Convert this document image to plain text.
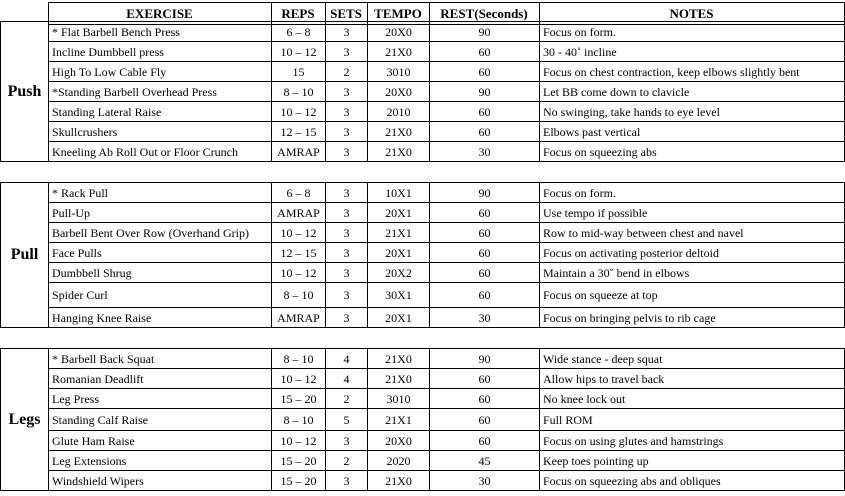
	EXERCISE	REPS	SETS	TEMPO	REST(Seconds)	NOTES
Push	* Flat Barbell Bench Press	6 – 8	3	20X0	90	Focus on form.
	Incline Dumbbell press	10 – 12	3	21X0	60	30 - 40˚ incline
	High To Low Cable Fly	15	2	3010	60	Focus on chest contraction, keep elbows slightly bent
	*Standing Barbell Overhead Press	8 – 10	3	20X0	90	Let BB come down to clavicle
	Standing Lateral Raise	10 – 12	3	2010	60	No swinging, take hands to eye level
	Skullcrushers	12 – 15	3	21X0	60	Elbows past vertical
	Kneeling Ab Roll Out or Floor Crunch	AMRAP	3	21X0	30	Focus on squeezing abs
Pull	* Rack Pull	6 – 8	3	10X1	90	Focus on form.
	Pull-Up	AMRAP	3	20X1	60	Use tempo if possible
	Barbell Bent Over Row (Overhand Grip)	10 – 12	3	21X1	60	Row to mid-way between chest and navel
	Face Pulls	12 – 15	3	20X1	60	Focus on activating posterior deltoid
	Dumbbell Shrug	10 – 12	3	20X2	60	Maintain a 30˚ bend in elbows
	Spider Curl	8 – 10	3	30X1	60	Focus on squeeze at top
	Hanging Knee Raise	AMRAP	3	20X1	30	Focus on bringing pelvis to rib cage
Legs	* Barbell Back Squat	8 – 10	4	21X0	90	Wide stance - deep squat
	Romanian Deadlift	10 – 12	4	21X0	60	Allow hips to travel back
	Leg Press	15 – 20	2	3010	60	No knee lock out
	Standing Calf Raise	8 – 10	5	21X1	60	Full ROM
	Glute Ham Raise	10 – 12	3	20X0	60	Focus on using glutes and hamstrings
	Leg Extensions	15 – 20	2	2020	45	Keep toes pointing up
	Windshield Wipers	15 – 20	3	21X0	30	Focus on squeezing abs and obliques
